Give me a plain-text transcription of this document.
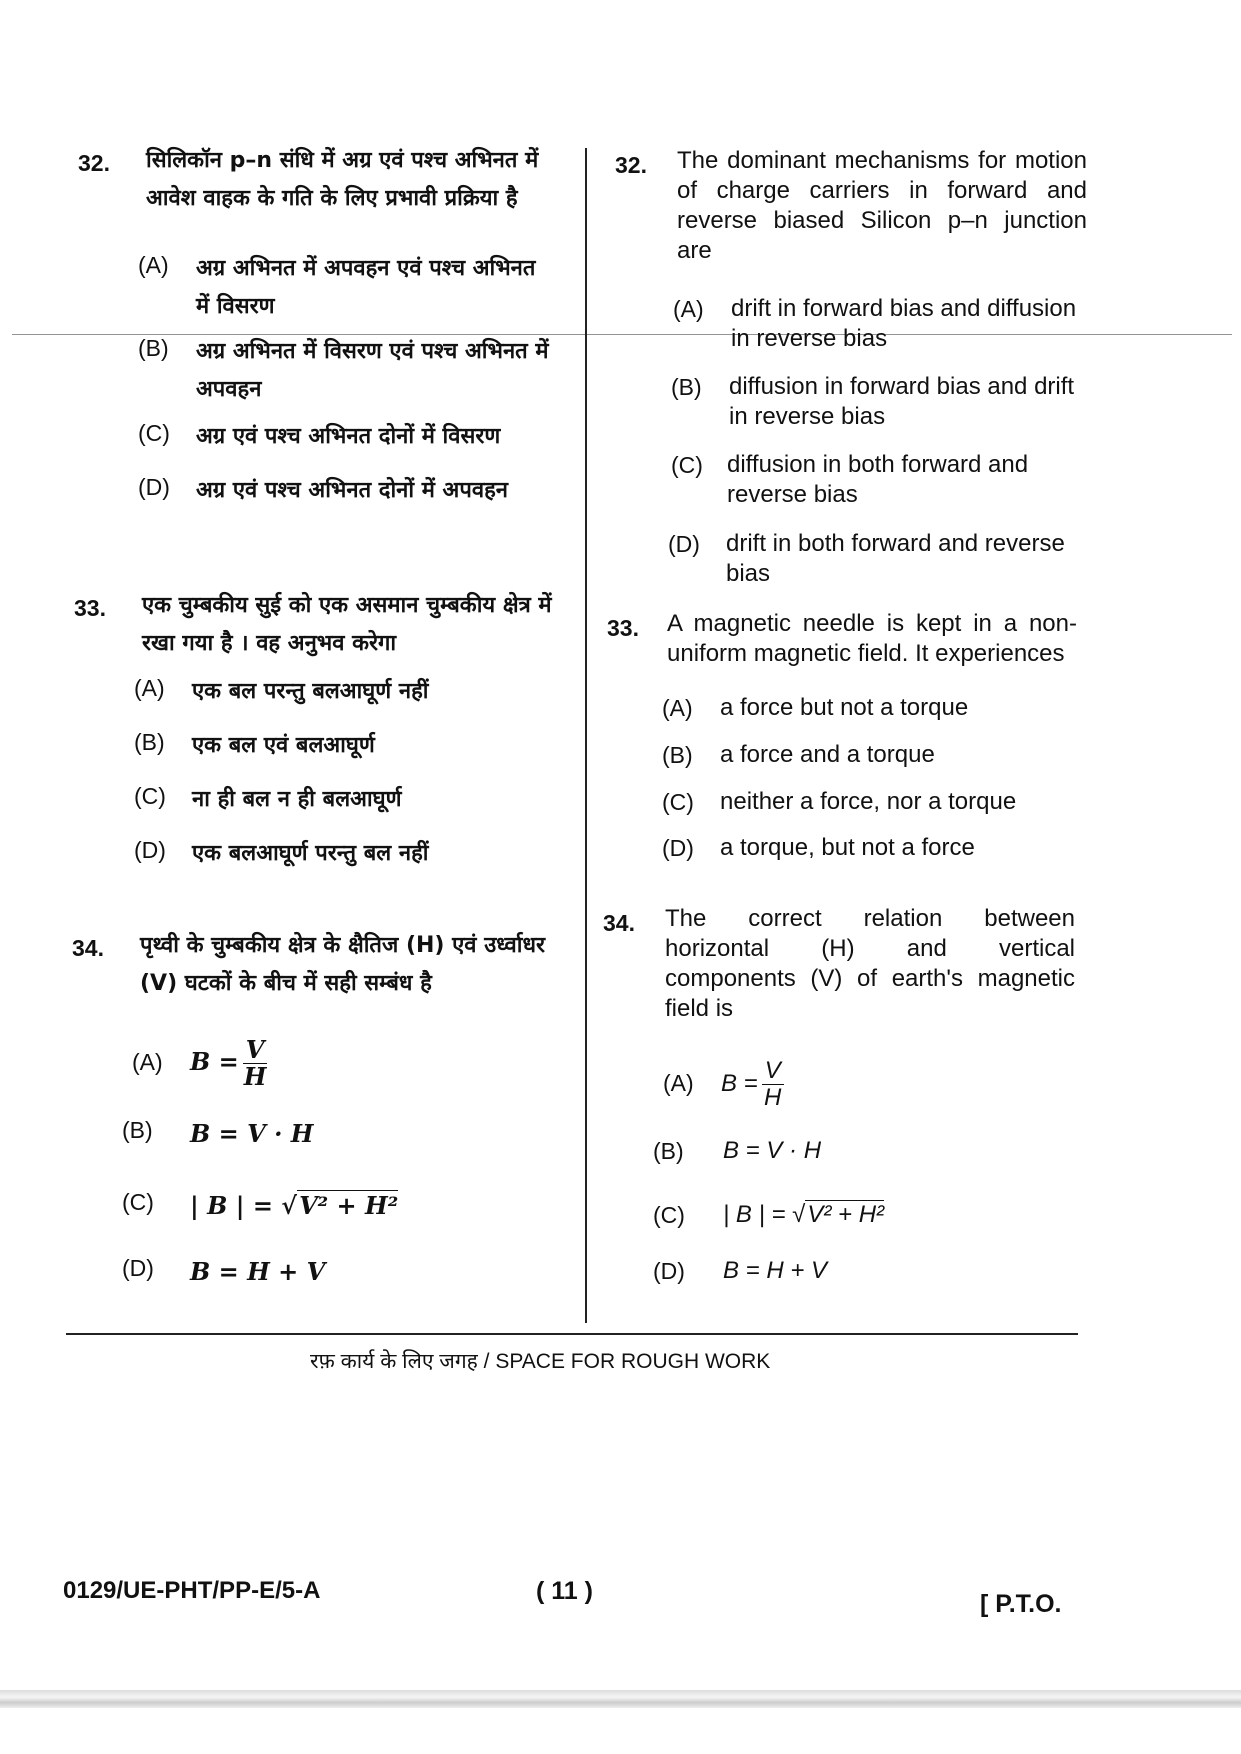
32. सिलिकॉन p–n संधि में अग्र एवं पश्च अभिनत में आवेश वाहक के गति के लिए प्रभावी प्रक्रिया है
(A) अग्र अभिनत में अपवहन एवं पश्च अभिनत में विसरण
(B) अग्र अभिनत में विसरण एवं पश्च अभिनत में अपवहन
(C) अग्र एवं पश्च अभिनत दोनों में विसरण
(D) अग्र एवं पश्च अभिनत दोनों में अपवहन
33. एक चुम्बकीय सुई को एक असमान चुम्बकीय क्षेत्र में रखा गया है । वह अनुभव करेगा
(A) एक बल परन्तु बलआघूर्ण नहीं
(B) एक बल एवं बलआघूर्ण
(C) ना ही बल न ही बलआघूर्ण
(D) एक बलआघूर्ण परन्तु बल नहीं
34. पृथ्वी के चुम्बकीय क्षेत्र के क्षैतिज (H) एवं उर्ध्वाधर (V) घटकों के बीच में सही सम्बंध है
(A) $B = \frac{V}{H}$
(B) B = V · H
(C) | B | = √V² + H²
(D) B = H + V
32. The dominant mechanisms for motion of charge carriers in forward and reverse biased Silicon p–n junction are
(A) drift in forward bias and diffusion in reverse bias
(B) diffusion in forward bias and drift in reverse bias
(C) diffusion in both forward and reverse bias
(D) drift in both forward and reverse bias
33. A magnetic needle is kept in a non-uniform magnetic field. It experiences
(A) a force but not a torque
(B) a force and a torque
(C) neither a force, nor a torque
(D) a torque, but not a force
34. The correct relation between horizontal (H) and vertical components (V) of earth's magnetic field is
(A) $B = \frac{V}{H}$
(B) B = V · H
(C) | B | = √V² + H²
(D) B = H + V
रफ़ कार्य के लिए जगह / SPACE FOR ROUGH WORK
0129/UE-PHT/PP-E/5-A	( 11 )	[ P.T.O.
